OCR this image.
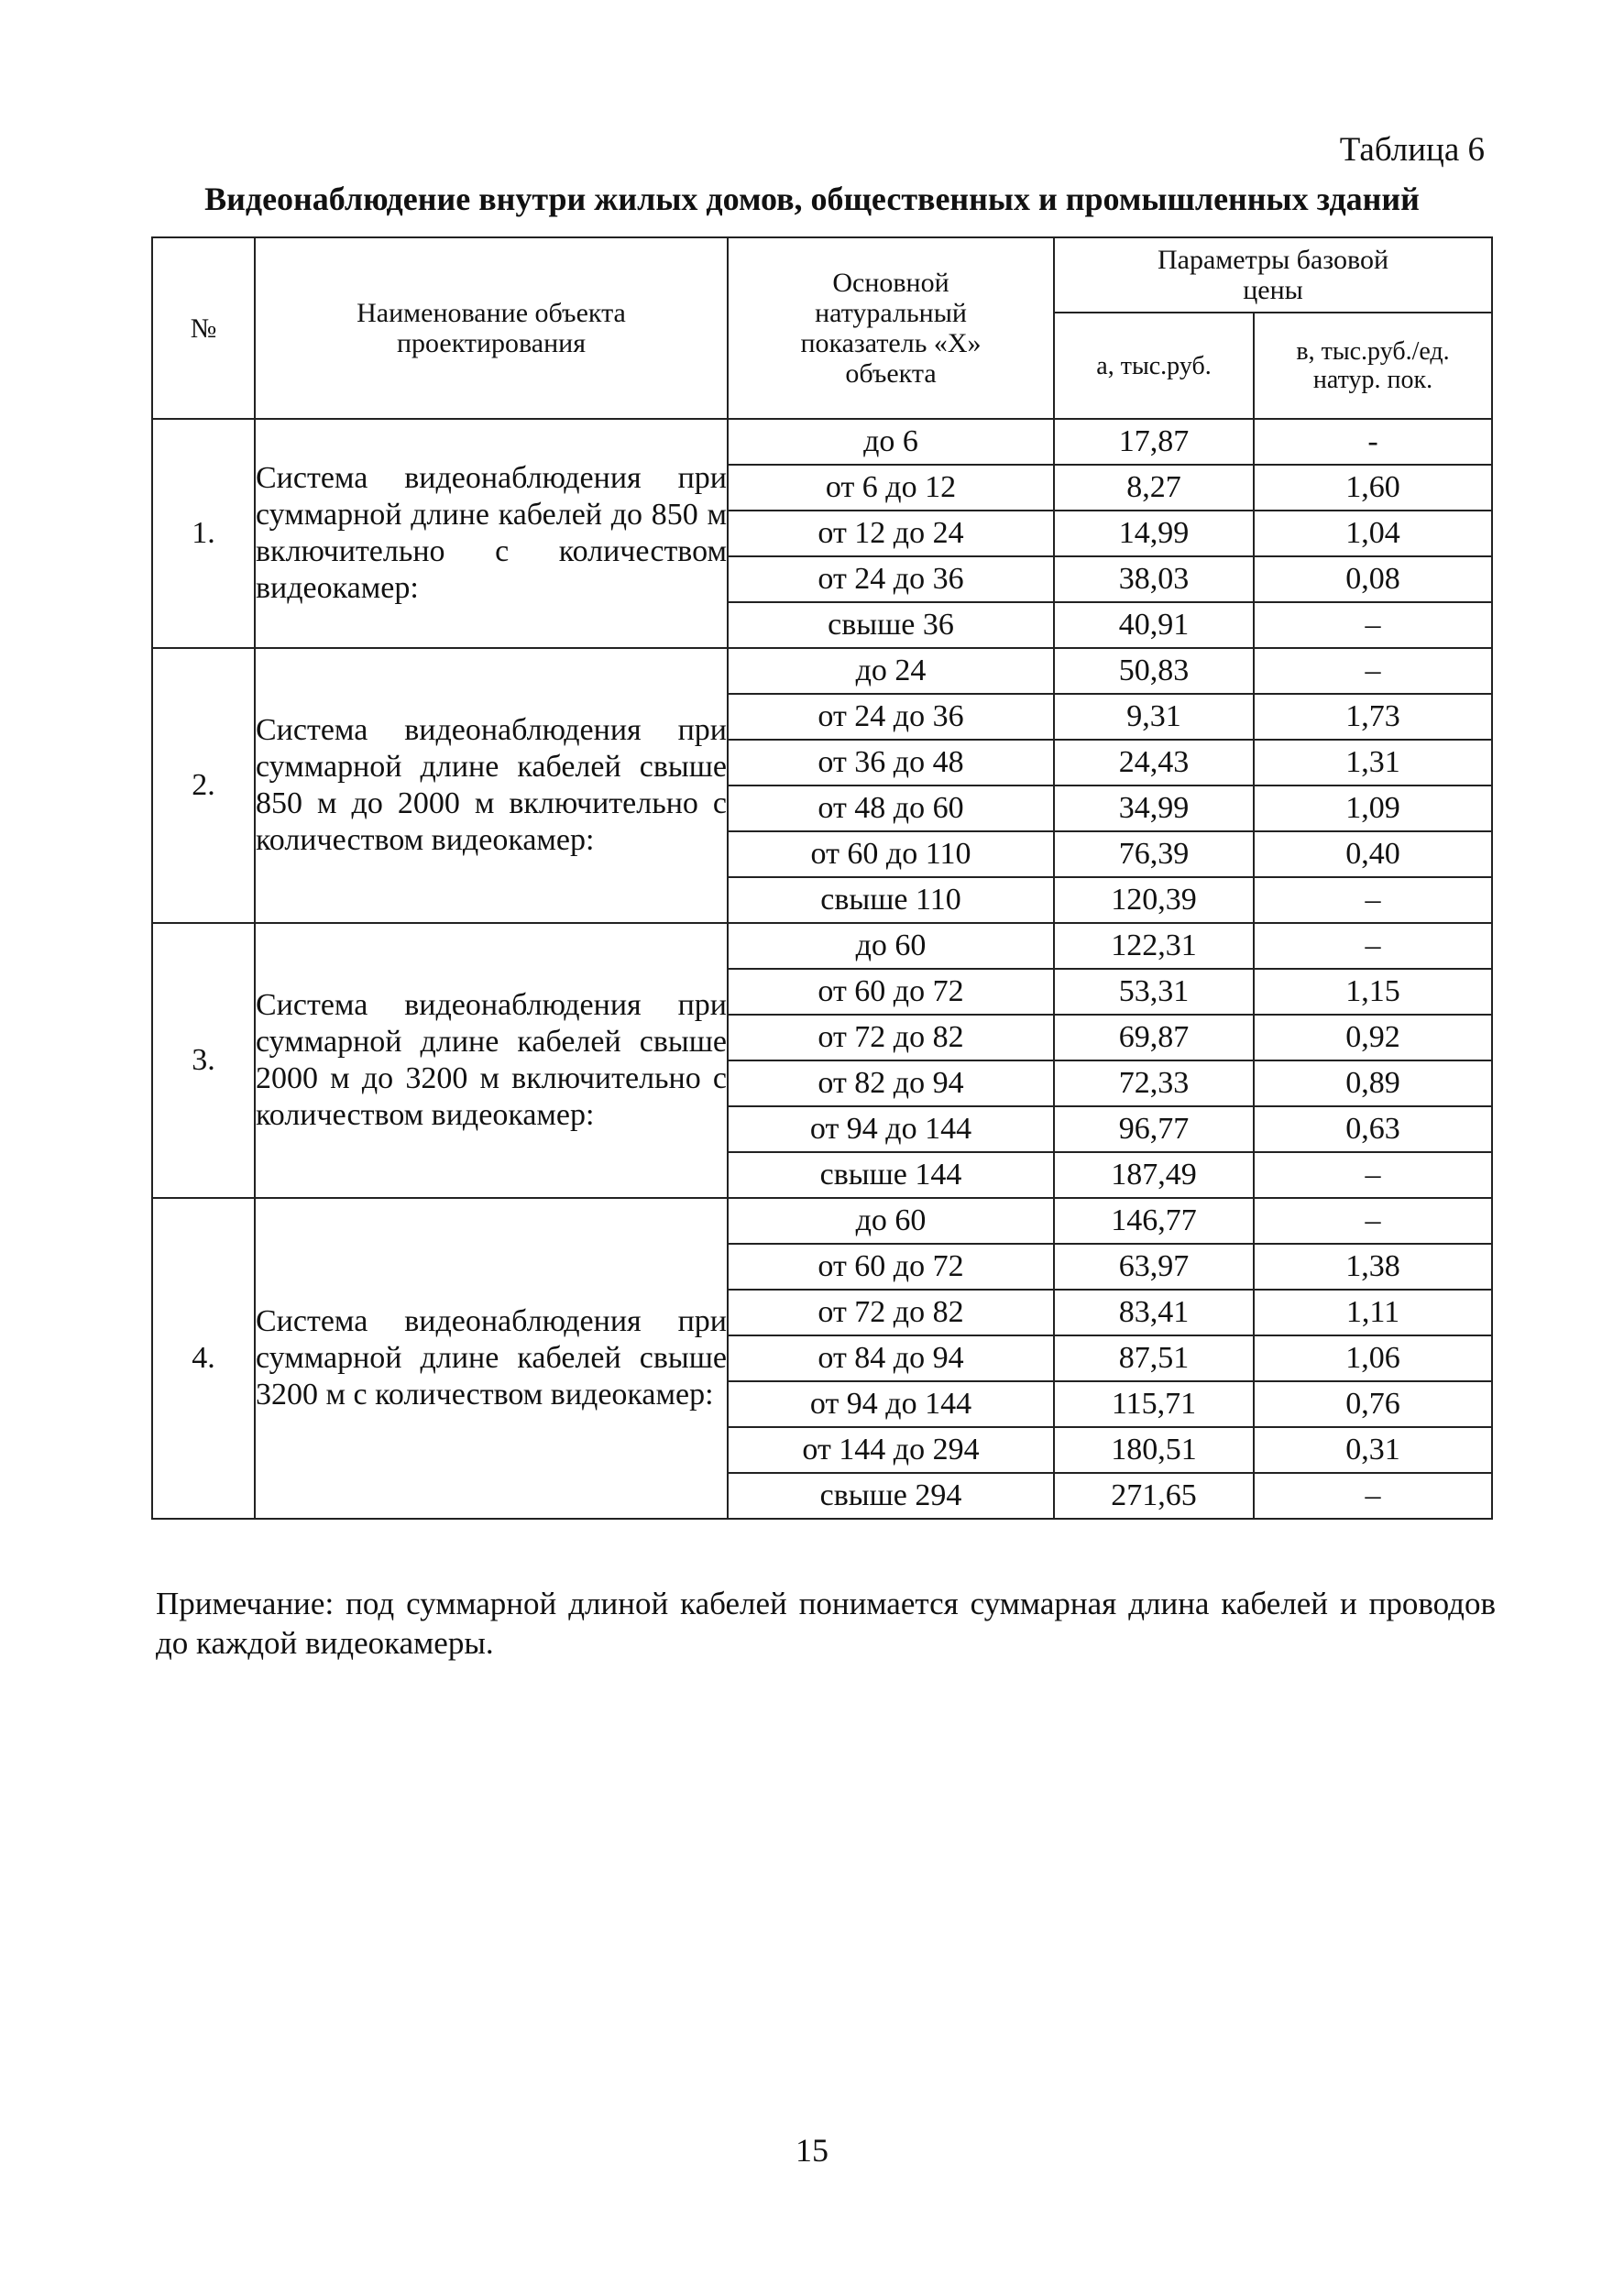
Таблица 6
Видеонаблюдение внутри жилых домов, общественных и промышленных зданий
№	Наименование объекта проектирования	Основной натуральный показатель «X» объекта	Параметры базовой цены	
			а, тыс.руб.	в, тыс.руб./ед. натур. пок.
1.	Система видеонаблюдения при суммарной длине кабелей до 850 м включительно с количеством видеокамер:	до 6	17,87	-
		от 6 до 12	8,27	1,60
		от 12 до 24	14,99	1,04
		от 24 до 36	38,03	0,08
		свыше 36	40,91	–
2.	Система видеонаблюдения при суммарной длине кабелей свыше 850 м до 2000 м включительно с количеством видеокамер:	до 24	50,83	–
		от 24 до 36	9,31	1,73
		от 36 до 48	24,43	1,31
		от 48 до 60	34,99	1,09
		от 60 до 110	76,39	0,40
		свыше 110	120,39	–
3.	Система видеонаблюдения при суммарной длине кабелей свыше 2000 м до 3200 м включительно с количеством видеокамер:	до 60	122,31	–
		от 60 до 72	53,31	1,15
		от 72 до 82	69,87	0,92
		от 82 до 94	72,33	0,89
		от 94 до 144	96,77	0,63
		свыше 144	187,49	–
4.	Система видеонаблюдения при суммарной длине кабелей свыше 3200 м с количеством видеокамер:	до 60	146,77	–
		от 60 до 72	63,97	1,38
		от 72 до 82	83,41	1,11
		от 84 до 94	87,51	1,06
		от 94 до 144	115,71	0,76
		от 144 до 294	180,51	0,31
		свыше 294	271,65	–
Примечание: под суммарной длиной кабелей понимается суммарная длина кабелей и проводов до каждой видеокамеры.
15
